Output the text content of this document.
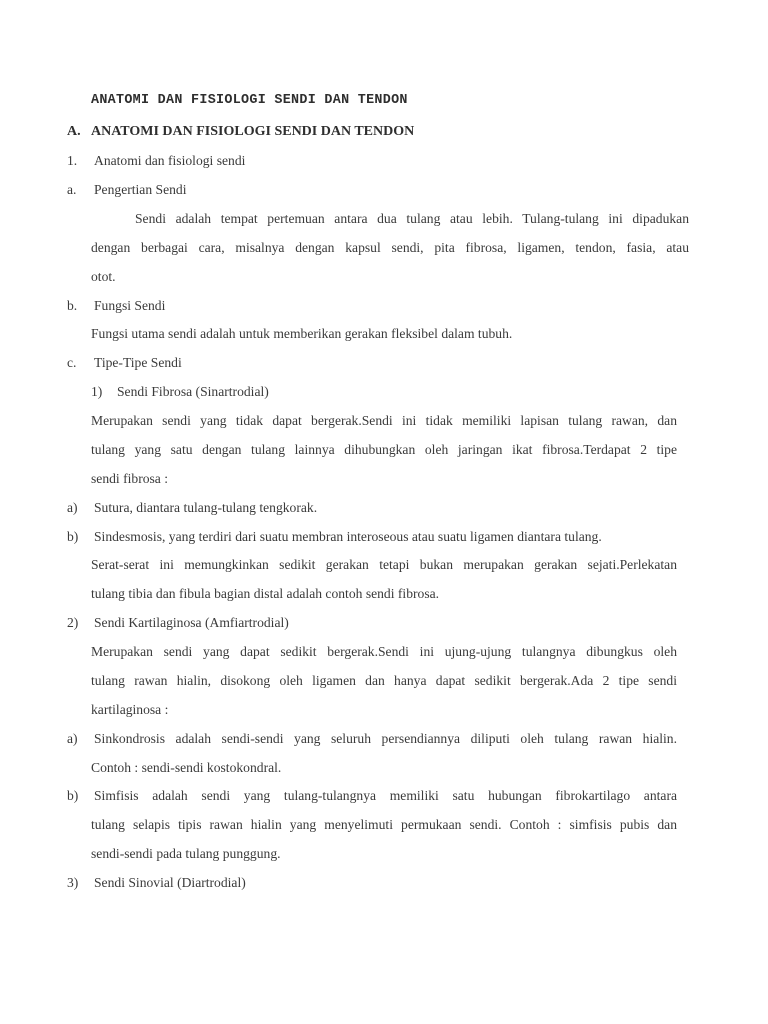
ANATOMI DAN FISIOLOGI SENDI DAN TENDON
A. ANATOMI DAN FISIOLOGI SENDI DAN TENDON
1. Anatomi dan fisiologi sendi
a. Pengertian Sendi
Sendi adalah tempat pertemuan antara dua tulang atau lebih. Tulang-tulang ini dipadukan
dengan berbagai cara, misalnya dengan kapsul sendi, pita fibrosa, ligamen, tendon, fasia, atau
otot.
b. Fungsi Sendi
Fungsi utama sendi adalah untuk memberikan gerakan fleksibel dalam tubuh.
c. Tipe-Tipe Sendi
1) Sendi Fibrosa (Sinartrodial)
Merupakan sendi yang tidak dapat bergerak.Sendi ini tidak memiliki lapisan tulang rawan, dan
tulang yang satu dengan tulang lainnya dihubungkan oleh jaringan ikat fibrosa.Terdapat 2 tipe
sendi fibrosa :
a) Sutura, diantara tulang-tulang tengkorak.
b) Sindesmosis, yang terdiri dari suatu membran interoseous atau suatu ligamen diantara tulang.
Serat-serat ini memungkinkan sedikit gerakan tetapi bukan merupakan gerakan sejati.Perlekatan
tulang tibia dan fibula bagian distal adalah contoh sendi fibrosa.
2) Sendi Kartilaginosa (Amfiartrodial)
Merupakan sendi yang dapat sedikit bergerak.Sendi ini ujung-ujung tulangnya dibungkus oleh
tulang rawan hialin, disokong oleh ligamen dan hanya dapat sedikit bergerak.Ada 2 tipe sendi
kartilaginosa :
a) Sinkondrosis adalah sendi-sendi yang seluruh persendiannya diliputi oleh tulang rawan hialin.
Contoh : sendi-sendi kostokondral.
b) Simfisis adalah sendi yang tulang-tulangnya memiliki satu hubungan fibrokartilago antara
tulang selapis tipis rawan hialin yang menyelimuti permukaan sendi. Contoh : simfisis pubis dan
sendi-sendi pada tulang punggung.
3) Sendi Sinovial (Diartrodial)
